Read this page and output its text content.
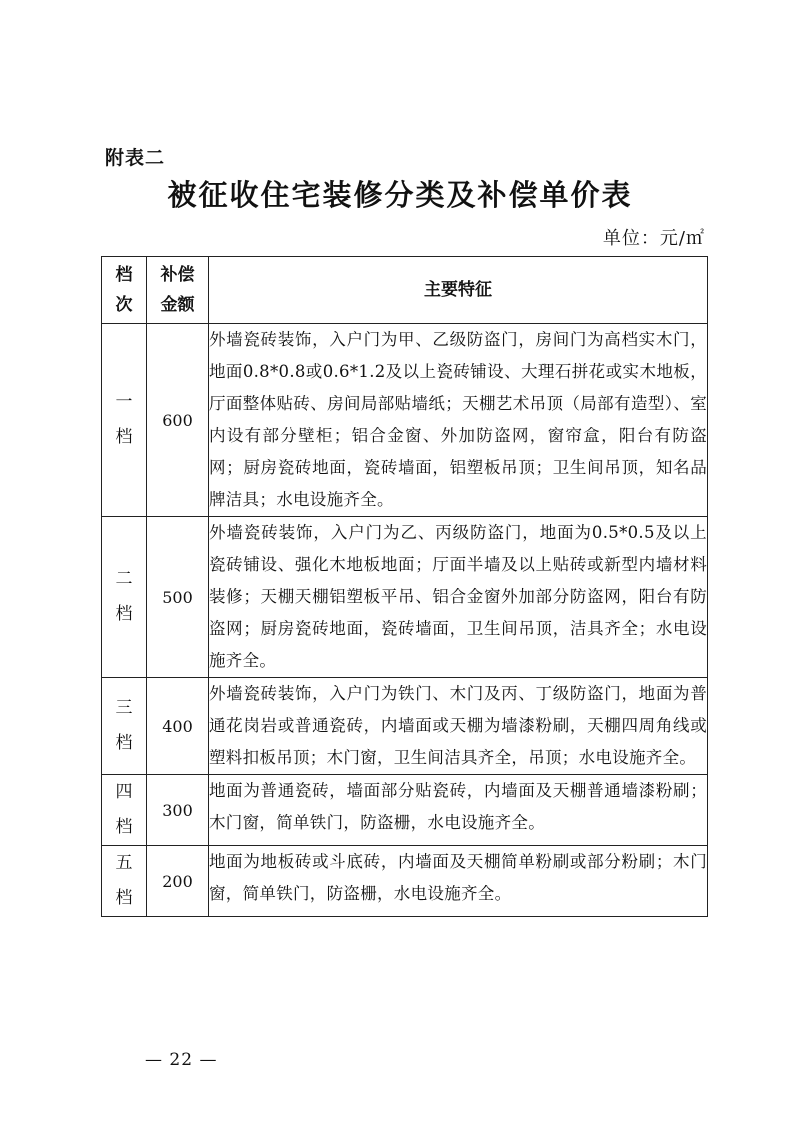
附表二
被征收住宅装修分类及补偿单价表
单位：元/㎡
档次	补偿金额	主要特征
一档	600	外墙瓷砖装饰，入户门为甲、乙级防盗门，房间门为高档实木门，地面0.8*0.8或0.6*1.2及以上瓷砖铺设、大理石拼花或实木地板，厅面整体贴砖、房间局部贴墙纸；天棚艺术吊顶（局部有造型）、室内设有部分壁柜；铝合金窗、外加防盗网，窗帘盒，阳台有防盗网；厨房瓷砖地面，瓷砖墙面，铝塑板吊顶；卫生间吊顶，知名品牌洁具；水电设施齐全。
二档	500	外墙瓷砖装饰，入户门为乙、丙级防盗门，地面为0.5*0.5及以上瓷砖铺设、强化木地板地面；厅面半墙及以上贴砖或新型内墙材料装修；天棚天棚铝塑板平吊、铝合金窗外加部分防盗网，阳台有防盗网；厨房瓷砖地面，瓷砖墙面，卫生间吊顶，洁具齐全；水电设施齐全。
三档	400	外墙瓷砖装饰，入户门为铁门、木门及丙、丁级防盗门，地面为普通花岗岩或普通瓷砖，内墙面或天棚为墙漆粉刷，天棚四周角线或塑料扣板吊顶；木门窗，卫生间洁具齐全，吊顶；水电设施齐全。
四档	300	地面为普通瓷砖，墙面部分贴瓷砖，内墙面及天棚普通墙漆粉刷；木门窗，简单铁门，防盗栅，水电设施齐全。
五档	200	地面为地板砖或斗底砖，内墙面及天棚简单粉刷或部分粉刷；木门窗，简单铁门，防盗栅，水电设施齐全。
— 22 —
